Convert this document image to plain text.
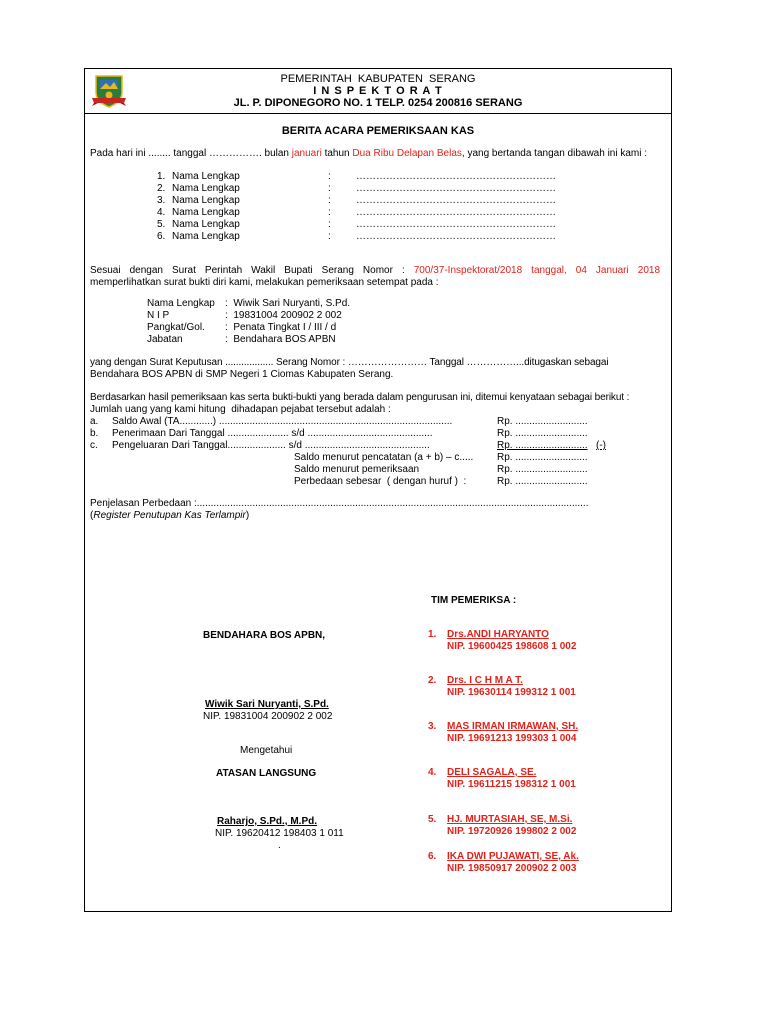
PEMERINTAH  KABUPATEN  SERANG
I N S P E K T O R A T
JL. P. DIPONEGORO NO. 1 TELP. 0254 200816 SERANG
BERITA ACARA PEMERIKSAAN KAS
Pada hari ini ........ tanggal ……………. bulan januari tahun Dua Ribu Delapan Belas, yang bertanda tangan dibawah ini kami :
1. Nama Lengkap	:	……………………………………………………
2. Nama Lengkap	:	……………………………………………………
3. Nama Lengkap	:	……………………………………………………
4. Nama Lengkap	:	……………………………………………………
5. Nama Lengkap	:	……………………………………………………
6. Nama Lengkap	:	……………………………………………………
Sesuai dengan Surat Perintah Wakil Bupati Serang Nomor : 700/37-Inspektorat/2018 tanggal, 04 Januari 2018
memperlihatkan surat bukti diri kami, melakukan pemeriksaan setempat pada :
Nama Lengkap :  Wiwik Sari Nuryanti, S.Pd.
N I P	:  19831004 200902 2 002
Pangkat/Gol. :  Penata Tingkat I / III / d
Jabatan	:  Bendahara BOS APBN
yang dengan Surat Keputusan .................. Serang Nomor : …………………… Tanggal ……………...ditugaskan sebagai
Bendahara BOS APBN di SMP Negeri 1 Ciomas Kabupaten Serang.
Berdasarkan hasil pemeriksaan kas serta bukti-bukti yang berada dalam pengurusan ini, ditemui kenyataan sebagai berikut :
Jumlah uang yang kami hitung  dihadapan pejabat tersebut adalah :
a. Saldo Awal (TA............) ....................................................................................	Rp. ..........................
b. Penerimaan Dari Tanggal ...................... s/d .............................................	Rp. ..........................
c. Pengeluaran Dari Tanggal..................... s/d .............................................	Rp. .......................... (-)
Saldo menurut pencatatan (a + b) – c..... Rp. ..........................
Saldo menurut pemeriksaan	Rp. ..........................
Perbedaan sebesar  ( dengan huruf )  :	Rp. ..........................
Penjelasan Perbedaan :.............................................................................................................................................
(Register Penutupan Kas Terlampir)
BENDAHARA BOS APBN,
Wiwik Sari Nuryanti, S.Pd.
NIP. 19831004 200902 2 002
Mengetahui
ATASAN LANGSUNG
Raharjo, S.Pd., M.Pd.
NIP. 19620412 198403 1 011
.
TIM PEMERIKSA :
1. Drs.ANDI HARYANTO
NIP. 19600425 198608 1 002
2. Drs. I C H M A T.
NIP. 19630114 199312 1 001
3. MAS IRMAN IRMAWAN, SH.
NIP. 19691213 199303 1 004
4. DELI SAGALA, SE.
NIP. 19611215 198312 1 001
5. HJ. MURTASIAH, SE, M.Si.
NIP. 19720926 199802 2 002
6. IKA DWI PUJAWATI, SE, Ak.
NIP. 19850917 200902 2 003
